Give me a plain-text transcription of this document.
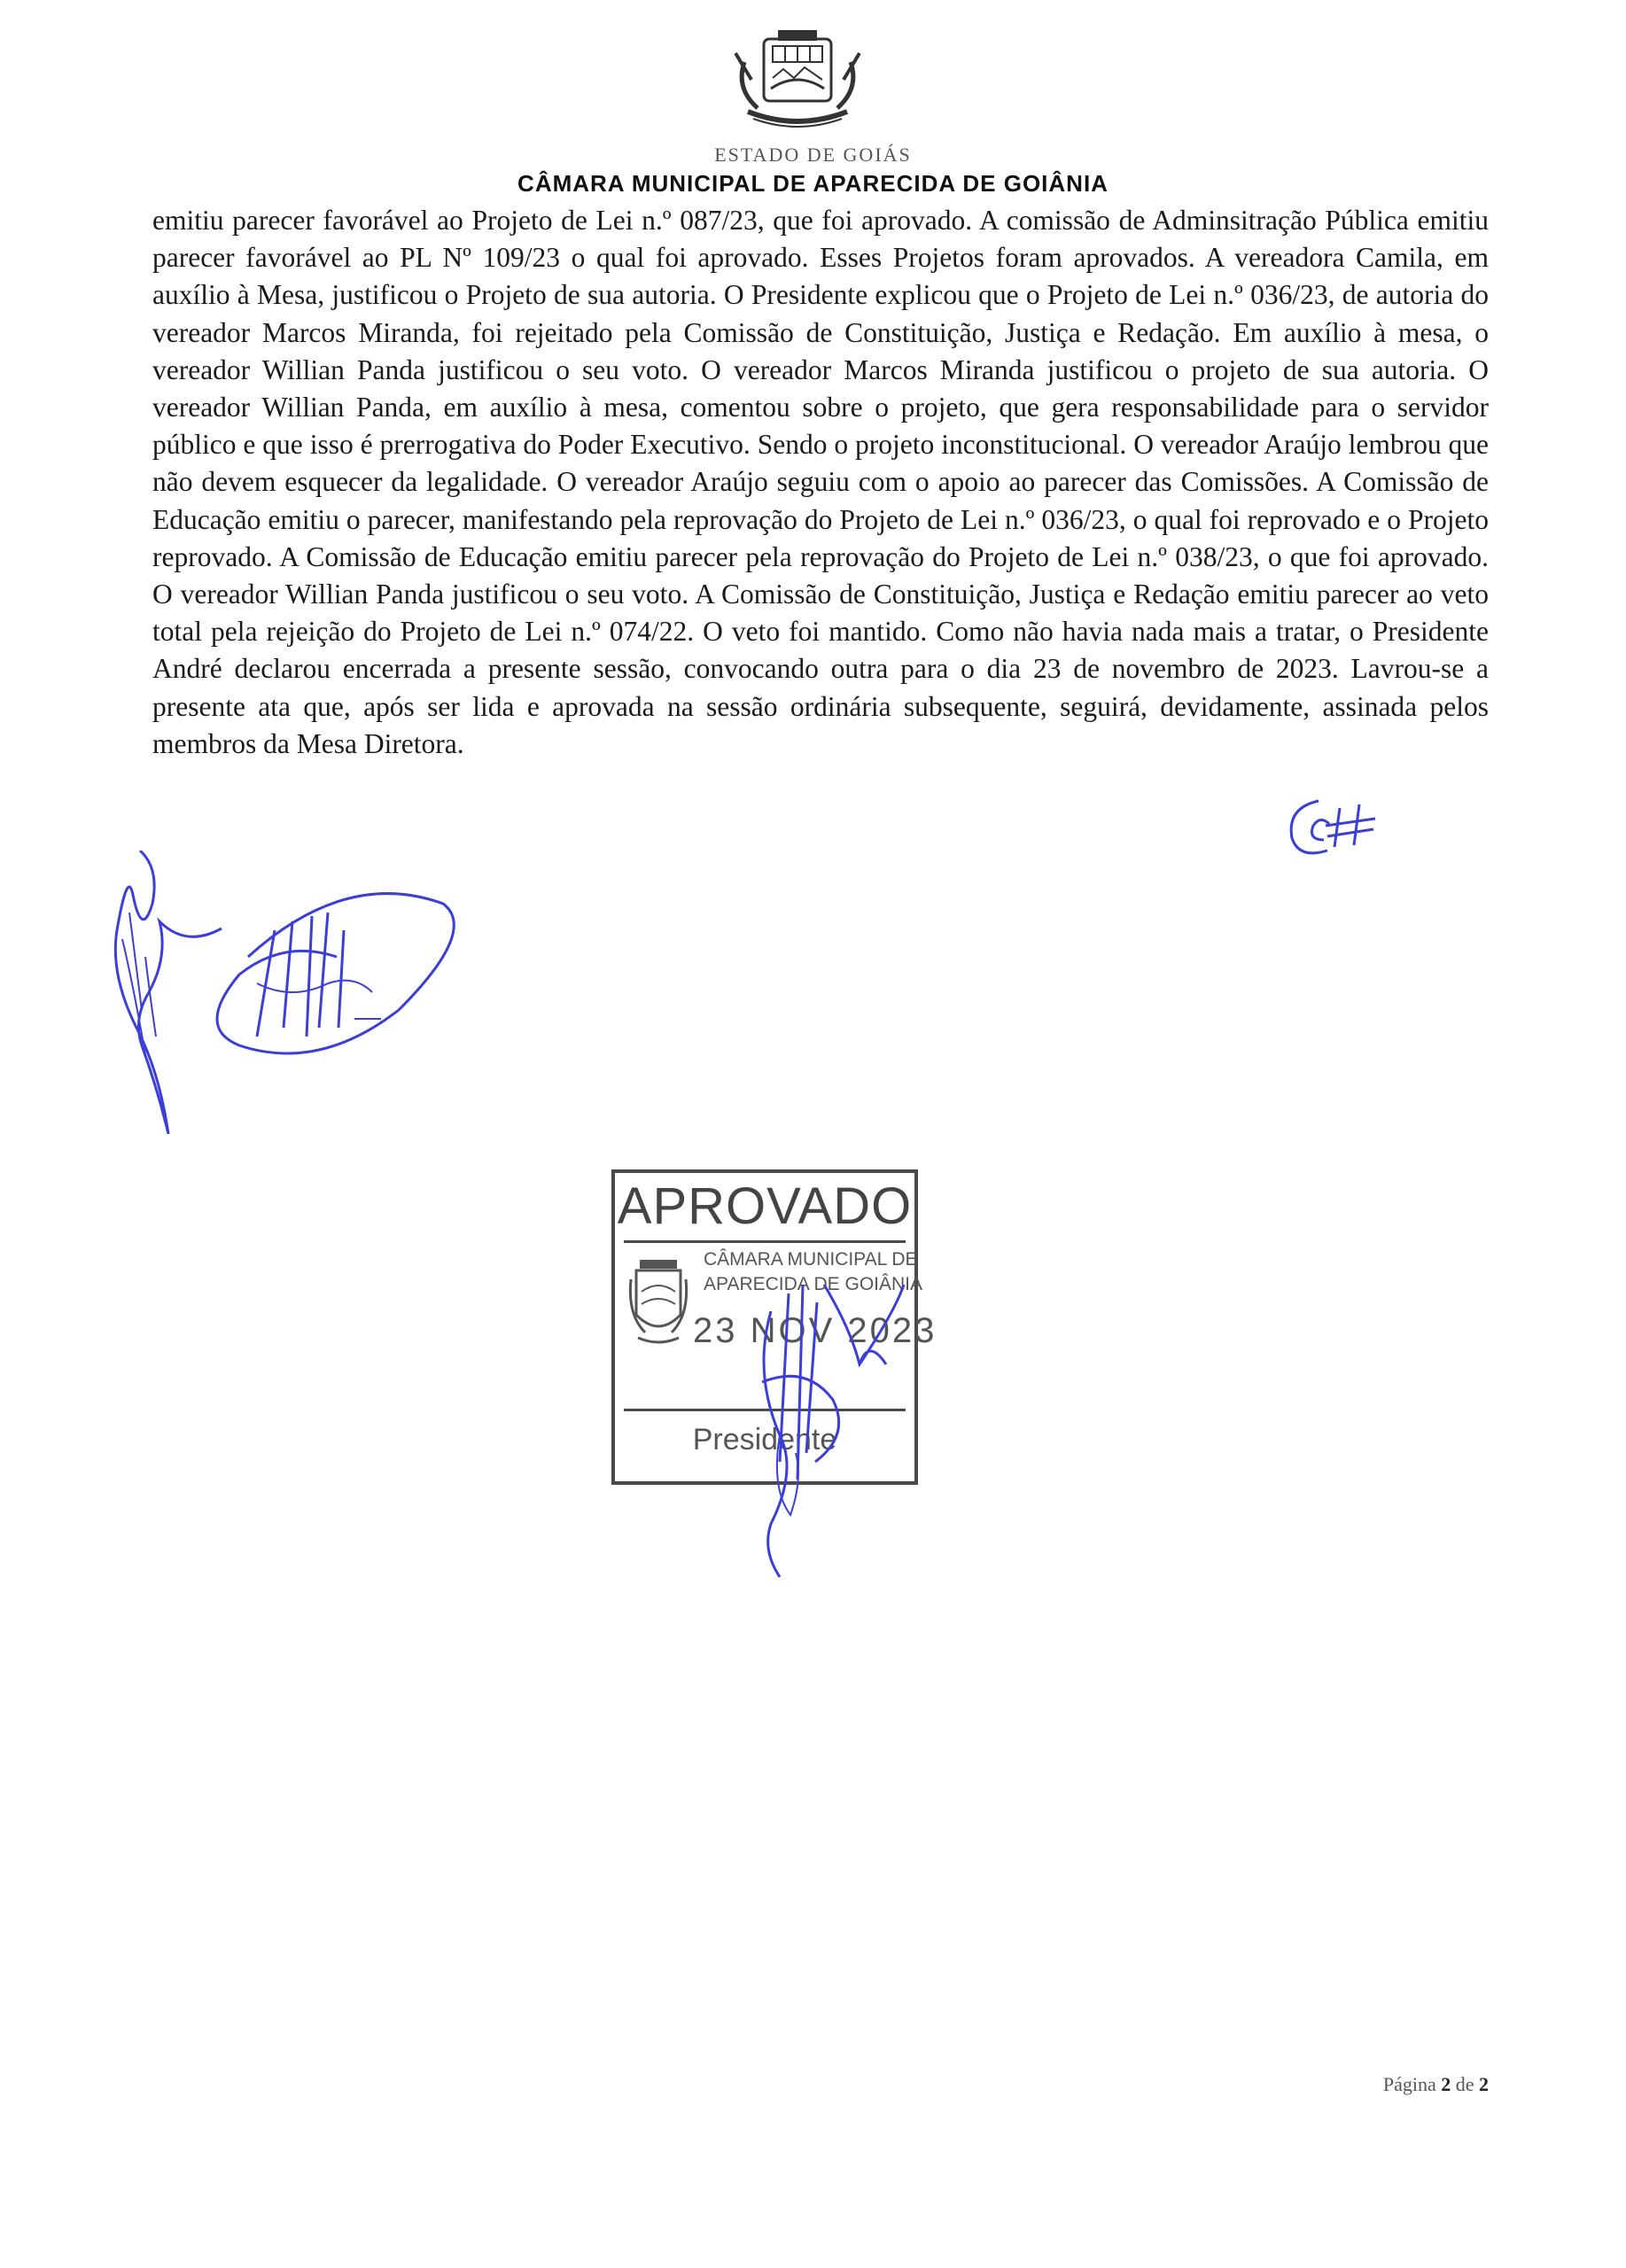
ESTADO DE GOIÁS
CÂMARA MUNICIPAL DE APARECIDA DE GOIÂNIA

emitiu parecer favorável ao Projeto de Lei n.º 087/23, que foi aprovado. A comissão de Adminsitração Pública emitiu parecer favorável ao PL Nº 109/23 o qual foi aprovado. Esses Projetos foram aprovados. A vereadora Camila, em auxílio à Mesa, justificou o Projeto de sua autoria. O Presidente explicou que o Projeto de Lei n.º 036/23, de autoria do vereador Marcos Miranda, foi rejeitado pela Comissão de Constituição, Justiça e Redação. Em auxílio à mesa, o vereador Willian Panda justificou o seu voto. O vereador Marcos Miranda justificou o projeto de sua autoria. O vereador Willian Panda, em auxílio à mesa, comentou sobre o projeto, que gera responsabilidade para o servidor público e que isso é prerrogativa do Poder Executivo. Sendo o projeto inconstitucional. O vereador Araújo lembrou que não devem esquecer da legalidade. O vereador Araújo seguiu com o apoio ao parecer das Comissões. A Comissão de Educação emitiu o parecer, manifestando pela reprovação do Projeto de Lei n.º 036/23, o qual foi reprovado e o Projeto reprovado. A Comissão de Educação emitiu parecer pela reprovação do Projeto de Lei n.º 038/23, o que foi aprovado. O vereador Willian Panda justificou o seu voto. A Comissão de Constituição, Justiça e Redação emitiu parecer ao veto total pela rejeição do Projeto de Lei n.º 074/22. O veto foi mantido. Como não havia nada mais a tratar, o Presidente André declarou encerrada a presente sessão, convocando outra para o dia 23 de novembro de 2023. Lavrou-se a presente ata que, após ser lida e aprovada na sessão ordinária subsequente, seguirá, devidamente, assinada pelos membros da Mesa Diretora.

APROVADO
CÂMARA MUNICIPAL DE
APARECIDA DE GOIÂNIA
23 NOV 2023
Presidente
Página 2 de 2
